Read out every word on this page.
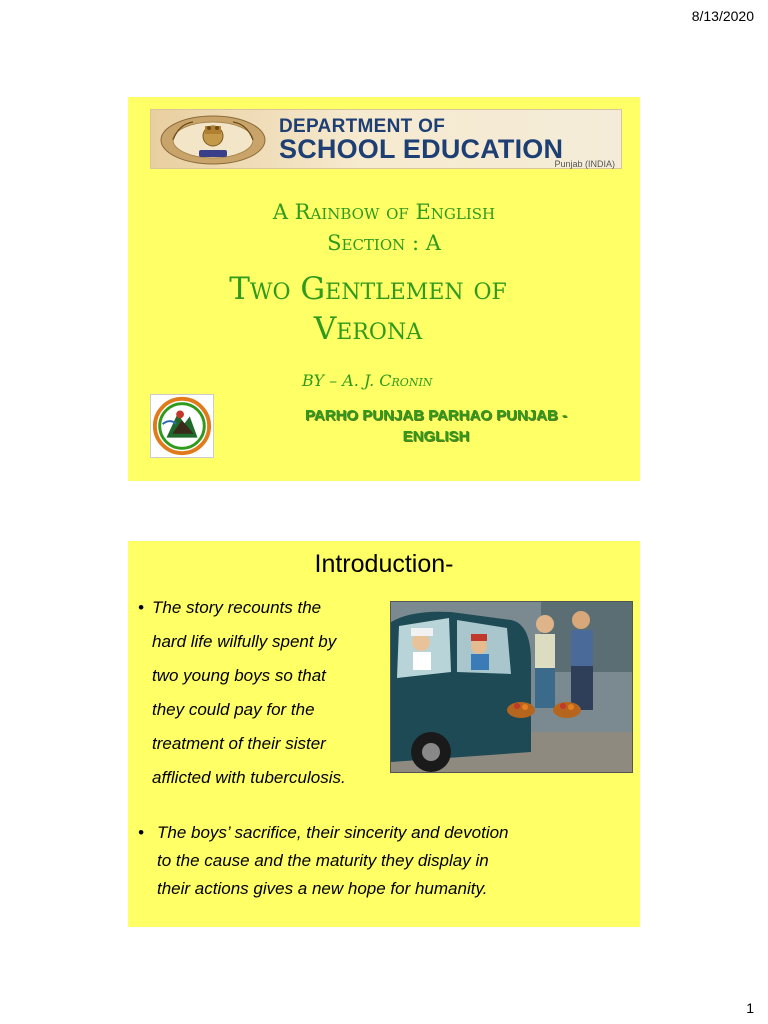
8/13/2020
DEPARTMENT OF
SCHOOL EDUCATION
Punjab (INDIA)
A Rainbow of English
Section : A
Two Gentlemen of
Verona
BY – A. J. Cronin
PARHO PUNJAB PARHAO PUNJAB -
ENGLISH
Introduction-
• The story recounts the
hard life wilfully spent by
two young boys so that
they could pay for the
treatment of their sister
afflicted with tuberculosis.
• The boys’ sacrifice, their sincerity and devotion
to the cause and the maturity they display in
their actions gives a new hope for humanity.
1
